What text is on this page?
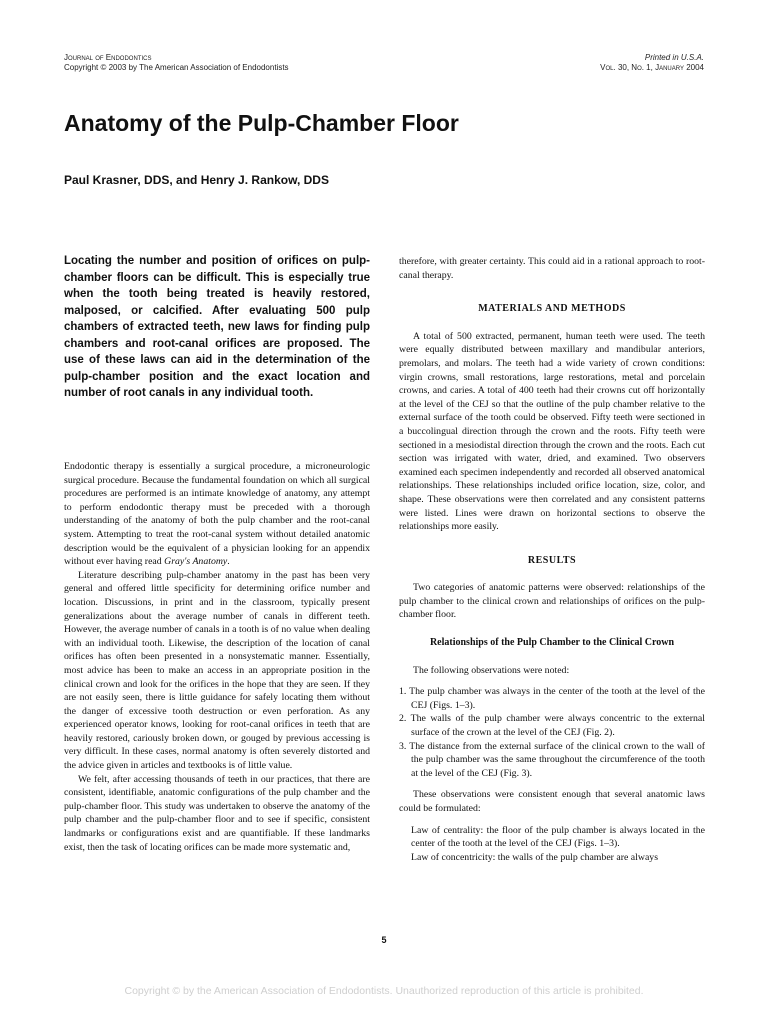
Journal of Endodontics
Copyright © 2003 by The American Association of Endodontists
Printed in U.S.A.
Vol. 30, No. 1, January 2004
Anatomy of the Pulp-Chamber Floor
Paul Krasner, DDS, and Henry J. Rankow, DDS

Locating the number and position of orifices on pulp-chamber floors can be difficult. This is especially true when the tooth being treated is heavily restored, malposed, or calcified. After evaluating 500 pulp chambers of extracted teeth, new laws for finding pulp chambers and root-canal orifices are proposed. The use of these laws can aid in the determination of the pulp-chamber position and the exact location and number of root canals in any individual tooth.

Endodontic therapy is essentially a surgical procedure, a microneurologic surgical procedure. Because the fundamental foundation on which all surgical procedures are performed is an intimate knowledge of anatomy, any attempt to perform endodontic therapy must be preceded with a thorough understanding of the anatomy of both the pulp chamber and the root-canal system. Attempting to treat the root-canal system without detailed anatomic description would be the equivalent of a physician looking for an appendix without ever having read Gray's Anatomy.

Literature describing pulp-chamber anatomy in the past has been very general and offered little specificity for determining orifice number and location. Discussions, in print and in the classroom, typically present generalizations about the average number of canals in different teeth. However, the average number of canals in a tooth is of no value when dealing with an individual tooth. Likewise, the description of the location of canal orifices has often been presented in a nonsystematic manner. Essentially, most advice has been to make an access in an appropriate position in the clinical crown and look for the orifices in the hope that they are seen. If they are not easily seen, there is little guidance for safely locating them without the danger of excessive tooth destruction or even perforation. As any experienced operator knows, looking for root-canal orifices in teeth that are heavily restored, cariously broken down, or gouged by previous accessing is very difficult. In these cases, normal anatomy is often severely distorted and the advice given in articles and textbooks is of little value.

We felt, after accessing thousands of teeth in our practices, that there are consistent, identifiable, anatomic configurations of the pulp chamber and the pulp-chamber floor. This study was undertaken to observe the anatomy of the pulp chamber and the pulp-chamber floor and to see if specific, consistent landmarks or configurations exist and are quantifiable. If these landmarks exist, then the task of locating orifices can be made more systematic and,

therefore, with greater certainty. This could aid in a rational approach to root-canal therapy.

MATERIALS AND METHODS

A total of 500 extracted, permanent, human teeth were used. The teeth were equally distributed between maxillary and mandibular anteriors, premolars, and molars. The teeth had a wide variety of crown conditions: virgin crowns, small restorations, large restorations, metal and porcelain crowns, and caries. A total of 400 teeth had their crowns cut off horizontally at the level of the CEJ so that the outline of the pulp chamber relative to the external surface of the tooth could be observed. Fifty teeth were sectioned in a buccolingual direction through the crown and the roots. Fifty teeth were sectioned in a mesiodistal direction through the crown and the roots. Each cut section was irrigated with water, dried, and examined. Two observers examined each specimen independently and recorded all observed anatomical relationships. These relationships included orifice location, size, color, and shape. These observations were then correlated and any consistent patterns were listed. Lines were drawn on horizontal sections to observe the relationships more easily.

RESULTS

Two categories of anatomic patterns were observed: relationships of the pulp chamber to the clinical crown and relationships of orifices on the pulp-chamber floor.

Relationships of the Pulp Chamber to the Clinical Crown

The following observations were noted:

1. The pulp chamber was always in the center of the tooth at the level of the CEJ (Figs. 1–3).
2. The walls of the pulp chamber were always concentric to the external surface of the crown at the level of the CEJ (Fig. 2).
3. The distance from the external surface of the clinical crown to the wall of the pulp chamber was the same throughout the circumference of the tooth at the level of the CEJ (Fig. 3).

These observations were consistent enough that several anatomic laws could be formulated:

Law of centrality: the floor of the pulp chamber is always located in the center of the tooth at the level of the CEJ (Figs. 1–3).

Law of concentricity: the walls of the pulp chamber are always

5
Copyright © by the American Association of Endodontists. Unauthorized reproduction of this article is prohibited.
